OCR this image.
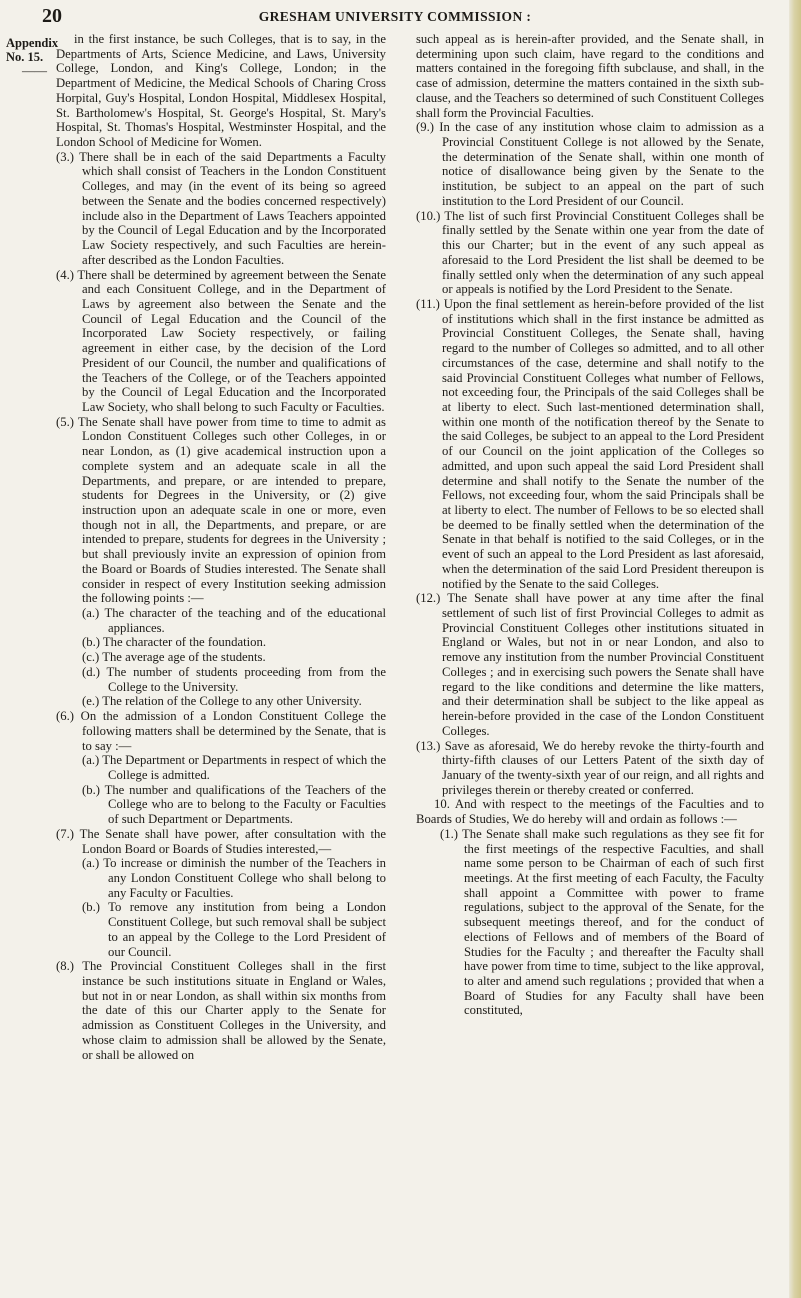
20	GRESHAM UNIVERSITY COMMISSION :
Appendix
No. 15.
——

in the first instance, be such Colleges, that is to say, in the Departments of Arts, Science Medicine, and Laws, University College, London, and King's College, London; in the Department of Medicine, the Medical Schools of Charing Cross Horpital, Guy's Hospital, London Hospital, Middlesex Hospital, St. Bartholomew's Hospital, St. George's Hospital, St. Mary's Hospital, St. Thomas's Hospital, Westminster Hospital, and the London School of Medicine for Women.

(3.) There shall be in each of the said Departments a Faculty which shall consist of Teachers in the London Constituent Colleges, and may (in the event of its being so agreed between the Senate and the bodies concerned respectively) include also in the Department of Laws Teachers appointed by the Council of Legal Education and by the Incorporated Law Society respectively, and such Faculties are herein-after described as the London Faculties.

(4.) There shall be determined by agreement between the Senate and each Consituent College, and in the Department of Laws by agreement also between the Senate and the Council of Legal Education and the Council of the Incorporated Law Society respectively, or failing agreement in either case, by the decision of the Lord President of our Council, the number and qualifications of the Teachers of the College, or of the Teachers appointed by the Council of Legal Education and the Incorporated Law Society, who shall belong to such Faculty or Faculties.

(5.) The Senate shall have power from time to time to admit as London Constituent Colleges such other Colleges, in or near London, as (1) give academical instruction upon a complete system and an adequate scale in all the Departments, and prepare, or are intended to prepare, students for Degrees in the University, or (2) give instruction upon an adequate scale in one or more, even though not in all, the Departments, and prepare, or are intended to prepare, students for degrees in the University ; but shall previously invite an expression of opinion from the Board or Boards of Studies interested. The Senate shall consider in respect of every Institution seeking admission the following points :—

(a.) The character of the teaching and of the educational appliances.

(b.) The character of the foundation.

(c.) The average age of the students.

(d.) The number of students proceeding from from the College to the University.

(e.) The relation of the College to any other University.

(6.) On the admission of a London Constituent College the following matters shall be determined by the Senate, that is to say :—

(a.) The Department or Departments in respect of which the College is admitted.

(b.) The number and qualifications of the Teachers of the College who are to belong to the Faculty or Faculties of such Department or Departments.

(7.) The Senate shall have power, after consultation with the London Board or Boards of Studies interested,—

(a.) To increase or diminish the number of the Teachers in any London Constituent College who shall belong to any Faculty or Faculties.

(b.) To remove any institution from being a London Constituent College, but such removal shall be subject to an appeal by the College to the Lord President of our Council.

(8.) The Provincial Constituent Colleges shall in the first instance be such institutions situate in England or Wales, but not in or near London, as shall within six months from the date of this our Charter apply to the Senate for admission as Constituent Colleges in the University, and whose claim to admission shall be allowed by the Senate, or shall be allowed on

such appeal as is herein-after provided, and the Senate shall, in determining upon such claim, have regard to the conditions and matters contained in the foregoing fifth subclause, and shall, in the case of admission, determine the matters contained in the sixth sub-clause, and the Teachers so determined of such Constituent Colleges shall form the Provincial Faculties.

(9.) In the case of any institution whose claim to admission as a Provincial Constituent College is not allowed by the Senate, the determination of the Senate shall, within one month of notice of disallowance being given by the Senate to the institution, be subject to an appeal on the part of such institution to the Lord President of our Council.

(10.) The list of such first Provincial Constituent Colleges shall be finally settled by the Senate within one year from the date of this our Charter; but in the event of any such appeal as aforesaid to the Lord President the list shall be deemed to be finally settled only when the determination of any such appeal or appeals is notified by the Lord President to the Senate.

(11.) Upon the final settlement as herein-before provided of the list of institutions which shall in the first instance be admitted as Provincial Constituent Colleges, the Senate shall, having regard to the number of Colleges so admitted, and to all other circumstances of the case, determine and shall notify to the said Provincial Constituent Colleges what number of Fellows, not exceeding four, the Principals of the said Colleges shall be at liberty to elect. Such last-mentioned determination shall, within one month of the notification thereof by the Senate to the said Colleges, be subject to an appeal to the Lord President of our Council on the joint application of the Colleges so admitted, and upon such appeal the said Lord President shall determine and shall notify to the Senate the number of the Fellows, not exceeding four, whom the said Principals shall be at liberty to elect. The number of Fellows to be so elected shall be deemed to be finally settled when the determination of the Senate in that behalf is notified to the said Colleges, or in the event of such an appeal to the Lord President as last aforesaid, when the determination of the said Lord President thereupon is notified by the Senate to the said Colleges.

(12.) The Senate shall have power at any time after the final settlement of such list of first Provincial Colleges to admit as Provincial Constituent Colleges other institutions situated in England or Wales, but not in or near London, and also to remove any institution from the number Provincial Constituent Colleges ; and in exercising such powers the Senate shall have regard to the like conditions and determine the like matters, and their determination shall be subject to the like appeal as herein-before provided in the case of the London Constituent Colleges.

(13.) Save as aforesaid, We do hereby revoke the thirty-fourth and thirty-fifth clauses of our Letters Patent of the sixth day of January of the twenty-sixth year of our reign, and all rights and privileges therein or thereby created or conferred.

10. And with respect to the meetings of the Faculties and to Boards of Studies, We do hereby will and ordain as follows :—

(1.) The Senate shall make such regulations as they see fit for the first meetings of the respective Faculties, and shall name some person to be Chairman of each of such first meetings. At the first meeting of each Faculty, the Faculty shall appoint a Committee with power to frame regulations, subject to the approval of the Senate, for the subsequent meetings thereof, and for the conduct of elections of Fellows and of members of the Board of Studies for the Faculty ; and thereafter the Faculty shall have power from time to time, subject to the like approval, to alter and amend such regulations ; provided that when a Board of Studies for any Faculty shall have been constituted,
